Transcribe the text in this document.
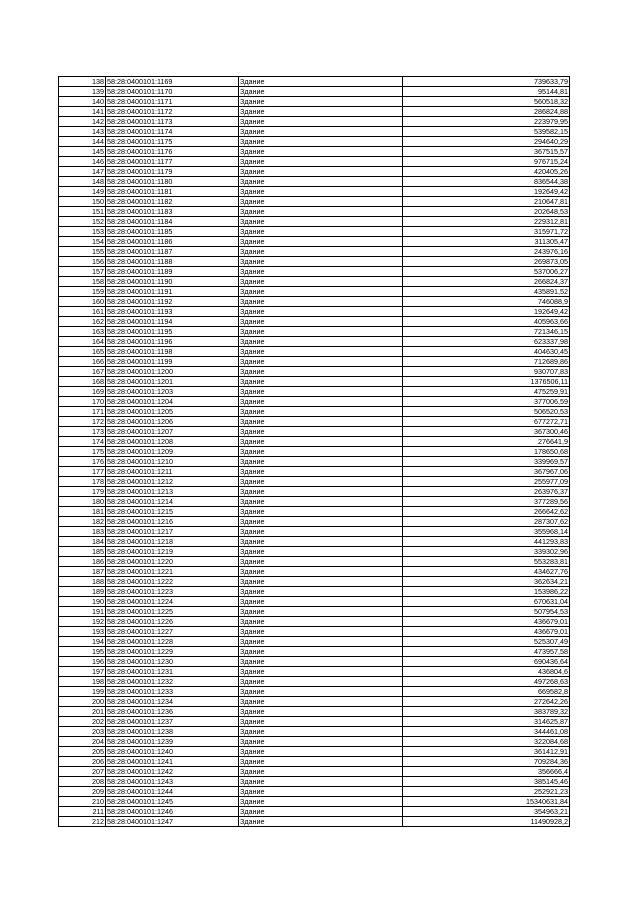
138	58:28:0400101:1169	Здание	739633,79
139	58:28:0400101:1170	Здание	95144,81
140	58:28:0400101:1171	Здание	560518,32
141	58:28:0400101:1172	Здание	286824,88
142	58:28:0400101:1173	Здание	223979,95
143	58:28:0400101:1174	Здание	539582,15
144	58:28:0400101:1175	Здание	294640,29
145	58:28:0400101:1176	Здание	367515,57
146	58:28:0400101:1177	Здание	976715,24
147	58:28:0400101:1179	Здание	420405,26
148	58:28:0400101:1180	Здание	836544,38
149	58:28:0400101:1181	Здание	192649,42
150	58:28:0400101:1182	Здание	210647,81
151	58:28:0400101:1183	Здание	202648,53
152	58:28:0400101:1184	Здание	229312,81
153	58:28:0400101:1185	Здание	315971,72
154	58:28:0400101:1186	Здание	311305,47
155	58:28:0400101:1187	Здание	243976,16
156	58:28:0400101:1188	Здание	269873,05
157	58:28:0400101:1189	Здание	537006,27
158	58:28:0400101:1190	Здание	266824,37
159	58:28:0400101:1191	Здание	435891,52
160	58:28:0400101:1192	Здание	746088,9
161	58:28:0400101:1193	Здание	192649,42
162	58:28:0400101:1194	Здание	405963,66
163	58:28:0400101:1195	Здание	721346,15
164	58:28:0400101:1196	Здание	623337,98
165	58:28:0400101:1198	Здание	404630,45
166	58:28:0400101:1199	Здание	712689,86
167	58:28:0400101:1200	Здание	930707,83
168	58:28:0400101:1201	Здание	1376506,11
169	58:28:0400101:1203	Здание	475259,91
170	58:28:0400101:1204	Здание	377006,59
171	58:28:0400101:1205	Здание	506520,53
172	58:28:0400101:1206	Здание	677272,71
173	58:28:0400101:1207	Здание	367300,46
174	58:28:0400101:1208	Здание	276641,9
175	58:28:0400101:1209	Здание	178650,68
176	58:28:0400101:1210	Здание	339969,57
177	58:28:0400101:1211	Здание	367967,06
178	58:28:0400101:1212	Здание	255977,09
179	58:28:0400101:1213	Здание	263976,37
180	58:28:0400101:1214	Здание	377289,56
181	58:28:0400101:1215	Здание	266642,62
182	58:28:0400101:1216	Здание	287307,62
183	58:28:0400101:1217	Здание	355968,14
184	58:28:0400101:1218	Здание	441293,83
185	58:28:0400101:1219	Здание	339302,96
186	58:28:0400101:1220	Здание	553283,81
187	58:28:0400101:1221	Здание	434627,76
188	58:28:0400101:1222	Здание	362634,21
189	58:28:0400101:1223	Здание	153986,22
190	58:28:0400101:1224	Здание	670631,04
191	58:28:0400101:1225	Здание	507954,53
192	58:28:0400101:1226	Здание	436679,01
193	58:28:0400101:1227	Здание	436679,01
194	58:28:0400101:1228	Здание	525307,49
195	58:28:0400101:1229	Здание	473957,58
196	58:28:0400101:1230	Здание	690436,64
197	58:28:0400101:1231	Здание	436804,6
198	58:28:0400101:1232	Здание	497268,63
199	58:28:0400101:1233	Здание	669582,8
200	58:28:0400101:1234	Здание	272642,26
201	58:28:0400101:1236	Здание	383789,32
202	58:28:0400101:1237	Здание	314625,87
203	58:28:0400101:1238	Здание	344461,08
204	58:28:0400101:1239	Здание	322084,68
205	58:28:0400101:1240	Здание	361412,91
206	58:28:0400101:1241	Здание	709284,36
207	58:28:0400101:1242	Здание	356666,4
208	58:28:0400101:1243	Здание	385145,46
209	58:28:0400101:1244	Здание	252921,23
210	58:28:0400101:1245	Здание	15340631,84
211	58:28:0400101:1246	Здание	354963,21
212	58:28:0400101:1247	Здание	11490928,2
